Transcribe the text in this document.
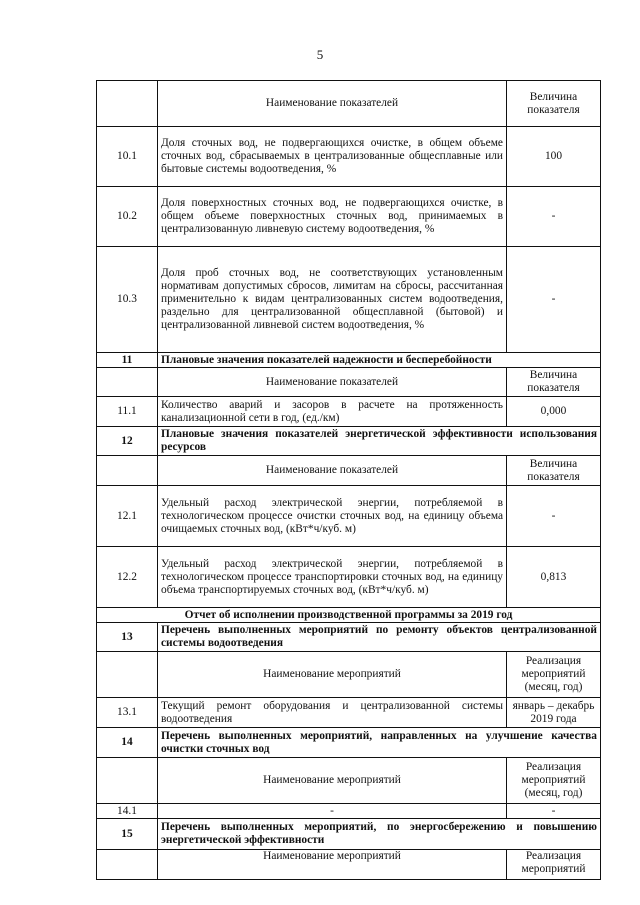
5
	Наименование показателей	Величина показателя
10.1	Доля сточных вод, не подвергающихся очистке, в общем объеме сточных вод, сбрасываемых в централизованные общесплавные или бытовые системы водоотведения, %	100
10.2	Доля поверхностных сточных вод, не подвергающихся очистке, в общем объеме поверхностных сточных вод, принимаемых в централизованную ливневую систему водоотведения, %	-
10.3	Доля проб сточных вод, не соответствующих установленным нормативам допустимых сбросов, лимитам на сбросы, рассчитанная применительно к видам централизованных систем водоотведения, раздельно для централизованной общесплавной (бытовой) и централизованной ливневой систем водоотведения, %	-
11	Плановые значения показателей надежности и бесперебойности	
	Наименование показателей	Величина показателя
11.1	Количество аварий и засоров в расчете на протяженность канализационной сети в год, (ед./км)	0,000
12	Плановые значения показателей энергетической эффективности использования ресурсов	
	Наименование показателей	Величина показателя
12.1	Удельный расход электрической энергии, потребляемой в технологическом процессе очистки сточных вод, на единицу объема очищаемых сточных вод, (кВт*ч/куб. м)	-
12.2	Удельный расход электрической энергии, потребляемой в технологическом процессе транспортировки сточных вод, на единицу объема транспортируемых сточных вод, (кВт*ч/куб. м)	0,813
Отчет об исполнении производственной программы за 2019 год		
13	Перечень выполненных мероприятий по ремонту объектов централизованной системы водоотведения	
	Наименование мероприятий	Реализация мероприятий (месяц, год)
13.1	Текущий ремонт оборудования и централизованной системы водоотведения	январь – декабрь 2019 года
14	Перечень выполненных мероприятий, направленных на улучшение качества очистки сточных вод	
	Наименование мероприятий	Реализация мероприятий (месяц, год)
14.1	-	-
15	Перечень выполненных мероприятий, по энергосбережению и повышению энергетической эффективности	
	Наименование мероприятий	Реализация мероприятий
